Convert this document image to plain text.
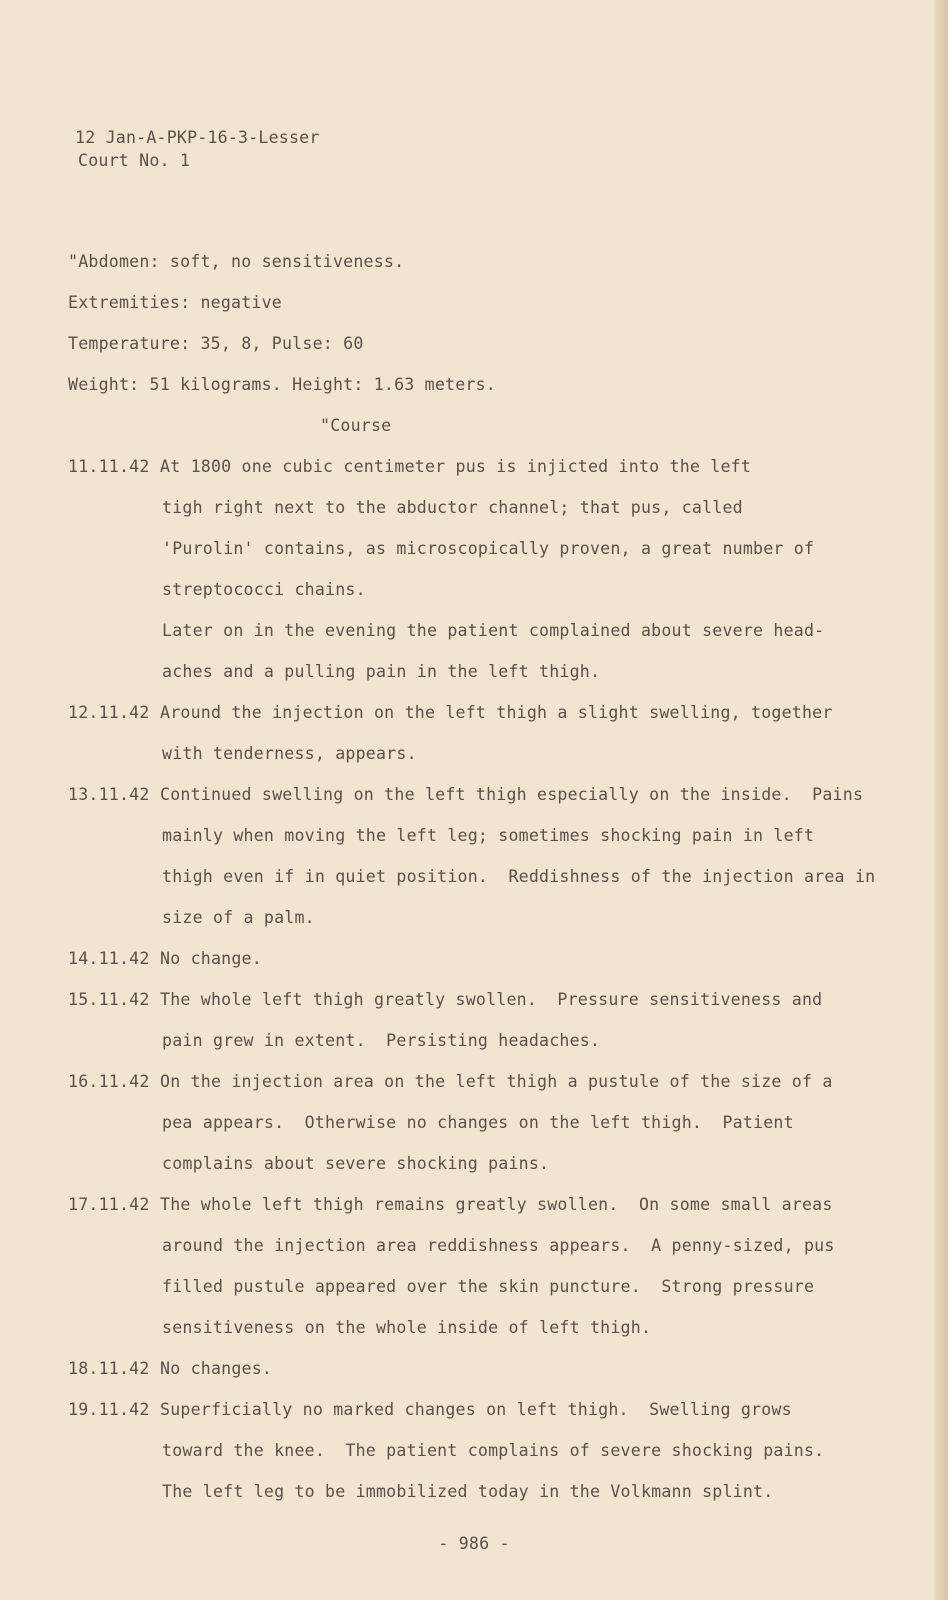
12 Jan-A-PKP-16-3-Lesser
Court No. 1
"Abdomen: soft, no sensitiveness.
Extremities: negative
Temperature: 35, 8, Pulse: 60
Weight: 51 kilograms. Height: 1.63 meters.
"Course
11.11.42 At 1800 one cubic centimeter pus is injicted into the left
tigh right next to the abductor channel; that pus, called
'Purolin' contains, as microscopically proven, a great number of
streptococci chains.
Later on in the evening the patient complained about severe head-
aches and a pulling pain in the left thigh.
12.11.42 Around the injection on the left thigh a slight swelling, together
with tenderness, appears.
13.11.42 Continued swelling on the left thigh especially on the inside.  Pains
mainly when moving the left leg; sometimes shocking pain in left
thigh even if in quiet position.  Reddishness of the injection area in
size of a palm.
14.11.42 No change.
15.11.42 The whole left thigh greatly swollen.  Pressure sensitiveness and
pain grew in extent.  Persisting headaches.
16.11.42 On the injection area on the left thigh a pustule of the size of a
pea appears.  Otherwise no changes on the left thigh.  Patient
complains about severe shocking pains.
17.11.42 The whole left thigh remains greatly swollen.  On some small areas
around the injection area reddishness appears.  A penny-sized, pus
filled pustule appeared over the skin puncture.  Strong pressure
sensitiveness on the whole inside of left thigh.
18.11.42 No changes.
19.11.42 Superficially no marked changes on left thigh.  Swelling grows
toward the knee.  The patient complains of severe shocking pains.
The left leg to be immobilized today in the Volkmann splint.
- 986 -
